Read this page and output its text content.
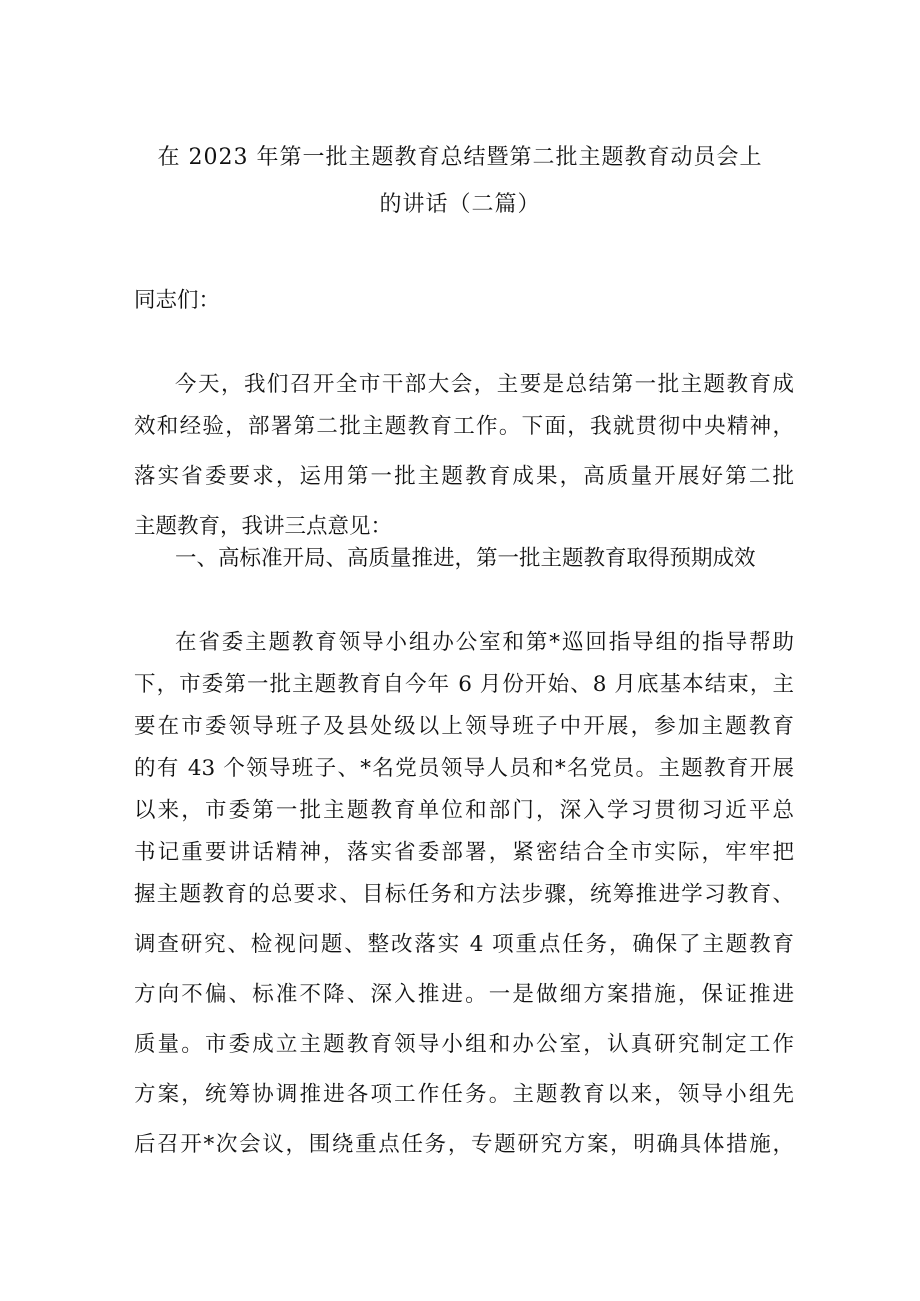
在 2023 年第一批主题教育总结暨第二批主题教育动员会上
的讲话（二篇）
同志们：
今天，我们召开全市干部大会，主要是总结第一批主题教育成
效和经验，部署第二批主题教育工作。下面，我就贯彻中央精神，
落实省委要求，运用第一批主题教育成果，高质量开展好第二批
主题教育，我讲三点意见：
一、高标准开局、高质量推进，第一批主题教育取得预期成效
在省委主题教育领导小组办公室和第*巡回指导组的指导帮助
下，市委第一批主题教育自今年 6 月份开始、8 月底基本结束，主
要在市委领导班子及县处级以上领导班子中开展，参加主题教育
的有 43 个领导班子、*名党员领导人员和*名党员。主题教育开展
以来，市委第一批主题教育单位和部门，深入学习贯彻习近平总
书记重要讲话精神，落实省委部署，紧密结合全市实际，牢牢把
握主题教育的总要求、目标任务和方法步骤，统筹推进学习教育、
调查研究、检视问题、整改落实 4 项重点任务，确保了主题教育
方向不偏、标准不降、深入推进。一是做细方案措施，保证推进
质量。市委成立主题教育领导小组和办公室，认真研究制定工作
方案，统筹协调推进各项工作任务。主题教育以来，领导小组先
后召开*次会议，围绕重点任务，专题研究方案，明确具体措施，
